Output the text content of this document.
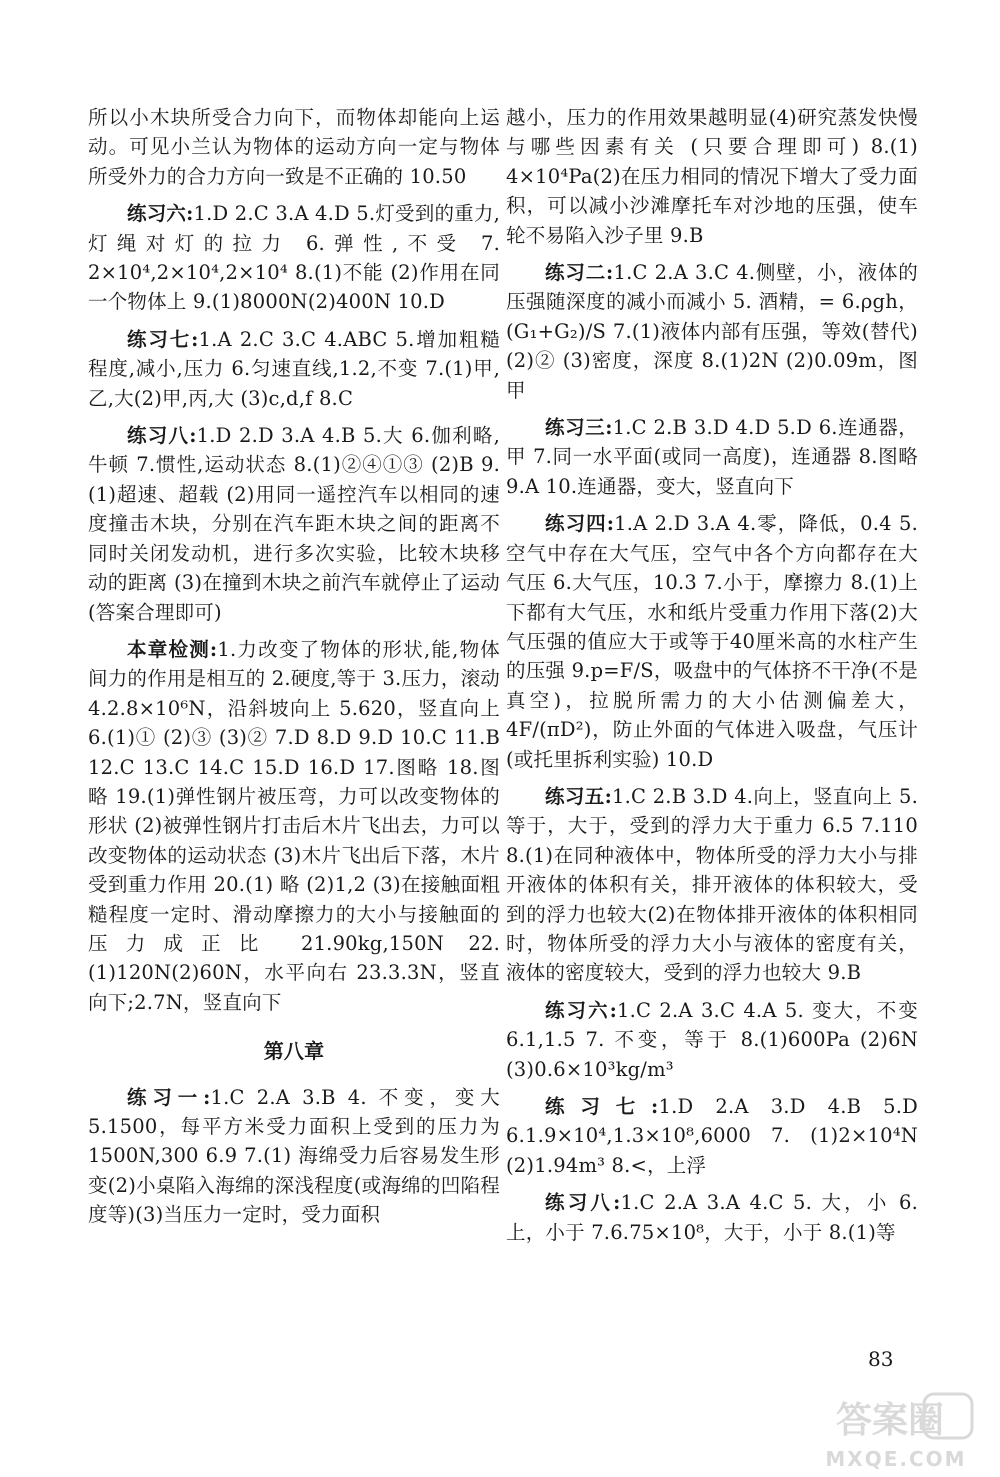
所以小木块所受合力向下，而物体却能向上运动。可见小兰认为物体的运动方向一定与物体所受外力的合力方向一致是不正确的 10.50

练习六:1.D 2.C 3.A 4.D 5.灯受到的重力,灯绳对灯的拉力 6.弹性,不受 7. 2×10⁴,2×10⁴,2×10⁴ 8.(1)不能 (2)作用在同一个物体上 9.(1)8000N(2)400N 10.D

练习七:1.A 2.C 3.C 4.ABC 5.增加粗糙程度,减小,压力 6.匀速直线,1.2,不变 7.(1)甲,乙,大(2)甲,丙,大 (3)c,d,f 8.C

练习八:1.D 2.D 3.A 4.B 5.大 6.伽利略,牛顿 7.惯性,运动状态 8.(1)②④①③ (2)B 9.(1)超速、超载 (2)用同一遥控汽车以相同的速度撞击木块，分别在汽车距木块之间的距离不同时关闭发动机，进行多次实验，比较木块移动的距离 (3)在撞到木块之前汽车就停止了运动 (答案合理即可)

本章检测:1.力改变了物体的形状,能,物体间力的作用是相互的 2.硬度,等于 3.压力，滚动 4.2.8×10⁶N，沿斜坡向上 5.620，竖直向上 6.(1)① (2)③ (3)② 7.D 8.D 9.D 10.C 11.B 12.C 13.C 14.C 15.D 16.D 17.图略 18.图略 19.(1)弹性钢片被压弯，力可以改变物体的形状 (2)被弹性钢片打击后木片飞出去，力可以改变物体的运动状态 (3)木片飞出后下落，木片受到重力作用 20.(1) 略 (2)1,2 (3)在接触面粗糙程度一定时、滑动摩擦力的大小与接触面的压力成正比 21.90kg,150N 22.(1)120N(2)60N，水平向右 23.3.3N，竖直向下;2.7N，竖直向下

第八章

练习一:1.C 2.A 3.B 4. 不变，变大 5.1500，每平方米受力面积上受到的压力为1500N,300 6.9 7.(1) 海绵受力后容易发生形变(2)小桌陷入海绵的深浅程度(或海绵的凹陷程度等)(3)当压力一定时，受力面积

越小，压力的作用效果越明显(4)研究蒸发快慢与哪些因素有关 (只要合理即可) 8.(1) 4×10⁴Pa(2)在压力相同的情况下增大了受力面积，可以减小沙滩摩托车对沙地的压强，使车轮不易陷入沙子里 9.B

练习二:1.C 2.A 3.C 4.侧壁，小，液体的压强随深度的减小而减小 5. 酒精，= 6.ρgh，(G₁+G₂)/S 7.(1)液体内部有压强，等效(替代) (2)② (3)密度，深度 8.(1)2N (2)0.09m，图甲

练习三:1.C 2.B 3.D 4.D 5.D 6.连通器，甲 7.同一水平面(或同一高度)，连通器 8.图略 9.A 10.连通器，变大，竖直向下

练习四:1.A 2.D 3.A 4.零，降低，0.4 5.空气中存在大气压，空气中各个方向都存在大气压 6.大气压，10.3 7.小于，摩擦力 8.(1)上下都有大气压，水和纸片受重力作用下落(2)大气压强的值应大于或等于40厘米高的水柱产生的压强 9.p=F/S，吸盘中的气体挤不干净(不是真空)，拉脱所需力的大小估测偏差大，4F/(πD²)，防止外面的气体进入吸盘，气压计(或托里拆利实验) 10.D

练习五:1.C 2.B 3.D 4.向上，竖直向上 5.等于，大于，受到的浮力大于重力 6.5 7.110 8.(1)在同种液体中，物体所受的浮力大小与排开液体的体积有关，排开液体的体积较大，受到的浮力也较大(2)在物体排开液体的体积相同时，物体所受的浮力大小与液体的密度有关，液体的密度较大，受到的浮力也较大 9.B

练习六:1.C 2.A 3.C 4.A 5. 变大，不变 6.1,1.5 7. 不变，等于 8.(1)600Pa (2)6N (3)0.6×10³kg/m³

练习七:1.D 2.A 3.D 4.B 5.D 6.1.9×10⁴,1.3×10⁸,6000 7. (1)2×10⁴N (2)1.94m³ 8.<，上浮

练习八:1.C 2.A 3.A 4.C 5. 大，小 6.上，小于 7.6.75×10⁸，大于，小于 8.(1)等

83
答案圈
MXQE.COM
